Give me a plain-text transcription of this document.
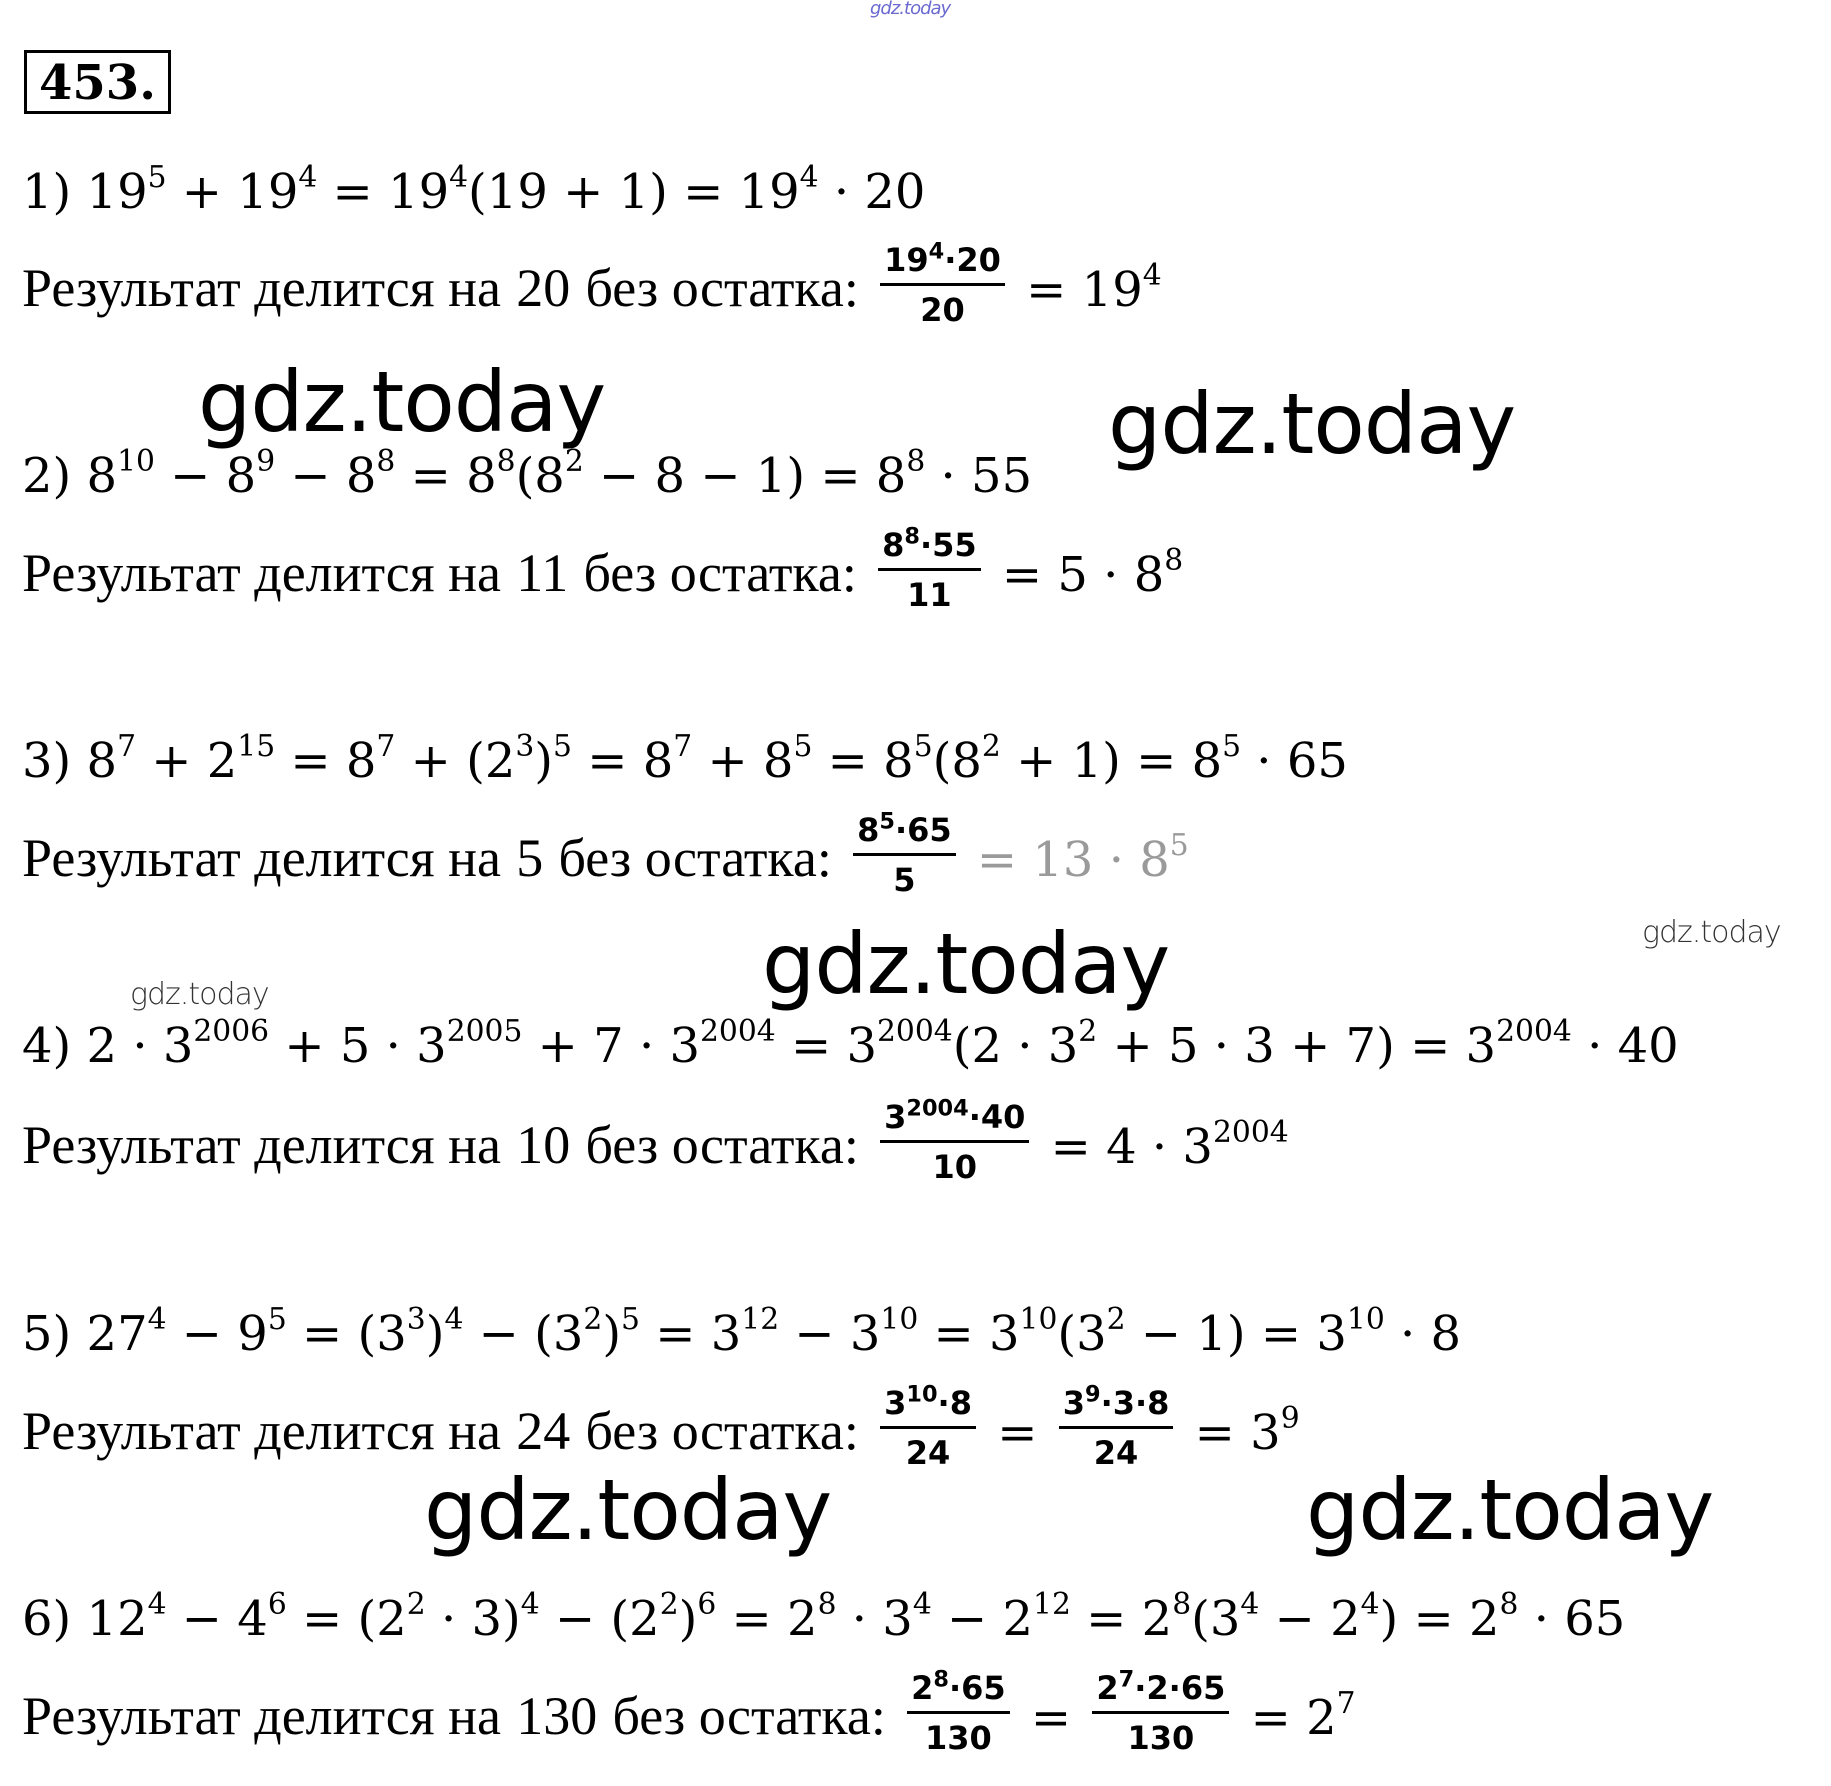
gdz.today
453.
1) $19^5 + 19^4 = 19^4(19 + 1) = 19^4 \cdot 20$
Результат делится на 20 без остатка: $\frac{19^4\cdot 20}{20} = 19^4$
gdz.today	gdz.today
2) $8^{10} - 8^9 - 8^8 = 8^8(8^2 - 8 - 1) = 8^8 \cdot 55$
Результат делится на 11 без остатка: $\frac{8^8\cdot 55}{11} = 5 \cdot 8^8$
3) $8^7 + 2^{15} = 8^7 + (2^3)^5 = 8^7 + 8^5 = 8^5(8^2 + 1) = 8^5 \cdot 65$
Результат делится на 5 без остатка: $\frac{8^5\cdot 65}{5} = 13 \cdot 8^5$
gdz.today
gdz.today
gdz.today
4) $2 \cdot 3^{2006} + 5 \cdot 3^{2005} + 7 \cdot 3^{2004} = 3^{2004}(2 \cdot 3^2 + 5 \cdot 3 + 7) = 3^{2004} \cdot 40$
Результат делится на 10 без остатка: $\frac{3^{2004}\cdot 40}{10} = 4 \cdot 3^{2004}$
5) $27^4 - 9^5 = (3^3)^4 - (3^2)^5 = 3^{12} - 3^{10} = 3^{10}(3^2 - 1) = 3^{10} \cdot 8$
Результат делится на 24 без остатка: $\frac{3^{10}\cdot 8}{24} = \frac{3^9\cdot 3\cdot 8}{24} = 3^9$
gdz.today	gdz.today
6) $12^4 - 4^6 = (2^2 \cdot 3)^4 - (2^2)^6 = 2^8 \cdot 3^4 - 2^{12} = 2^8(3^4 - 2^4) = 2^8 \cdot 65$
Результат делится на 130 без остатка: $\frac{2^8\cdot 65}{130} = \frac{2^7\cdot 2\cdot 65}{130} = 2^7$
